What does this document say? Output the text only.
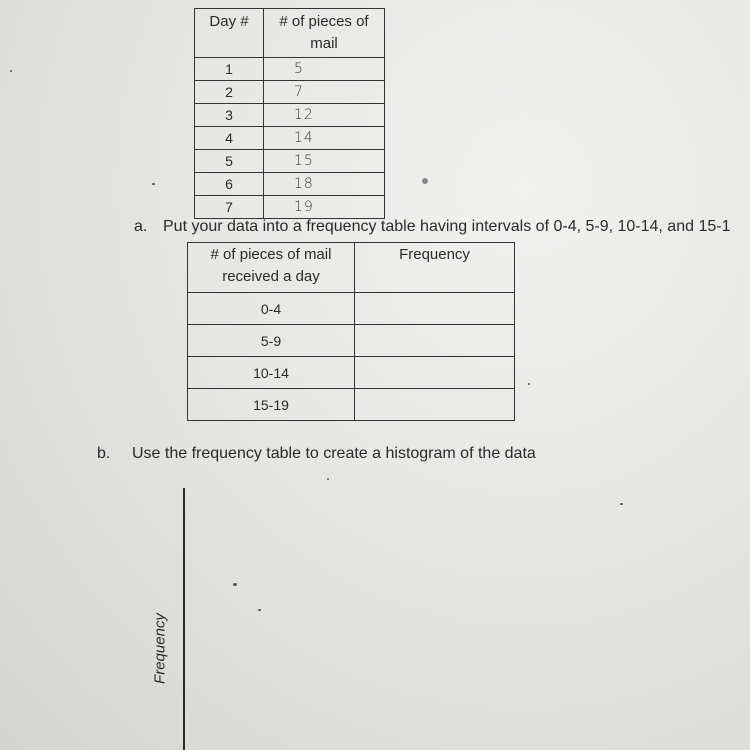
Day #	# of pieces of mail
1	5
2	7
3	12
4	14
5	15
6	18
7	19
a. Put your data into a frequency table having intervals of 0-4, 5-9, 10-14, and 15-1
# of pieces of mail received a day	Frequency
0-4	
5-9	
10-14	
15-19	
b. Use the frequency table to create a histogram of the data
Frequency
